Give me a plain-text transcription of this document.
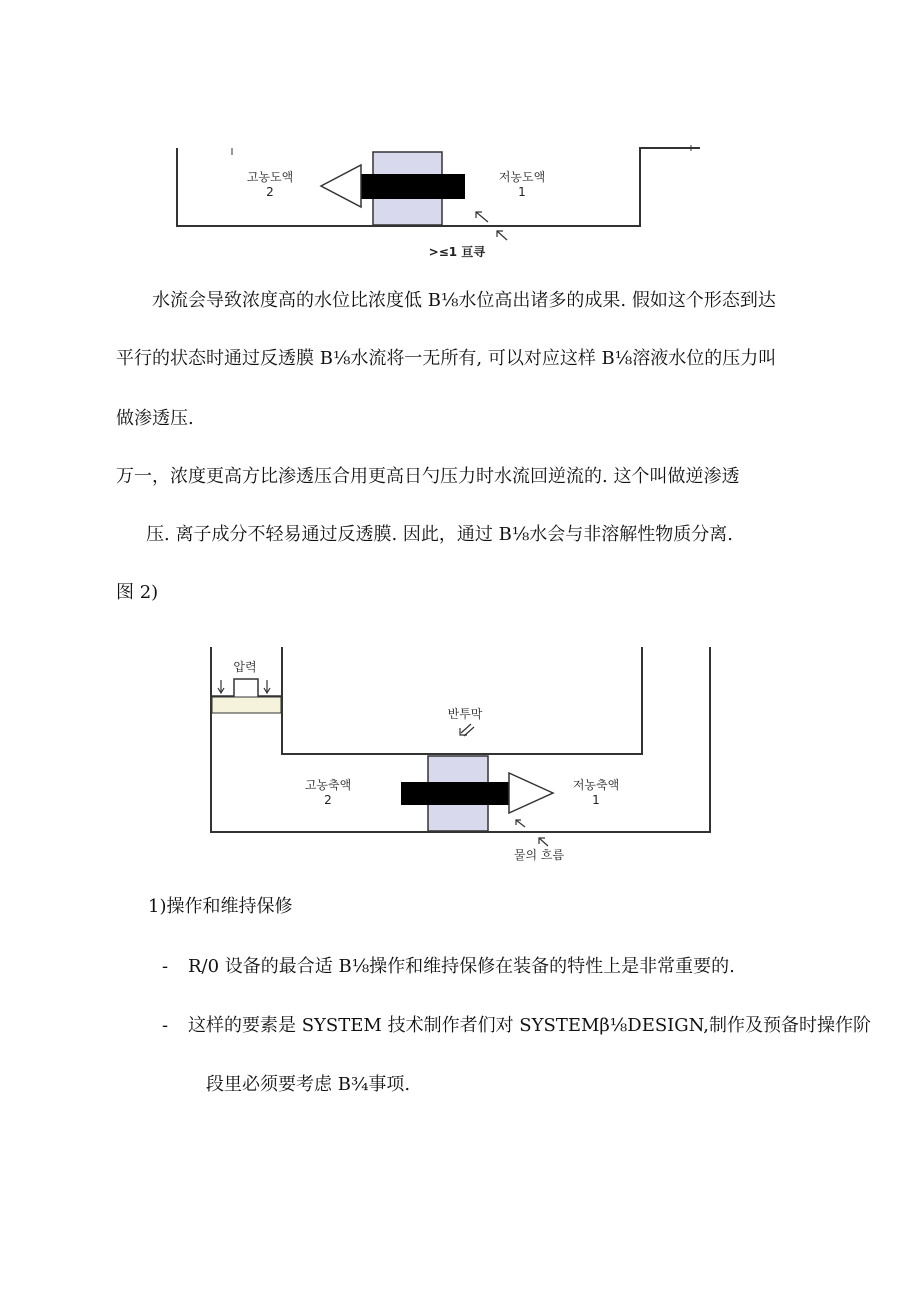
고농도액
2
저농도액
1
>≤1 亘寻
水流会导致浓度高的水位比浓度低 B⅛水位高出诸多的成果. 假如这个形态到达
平行的状态时通过反透膜 B⅛水流将一无所有, 可以对应这样 B⅛溶液水位的压力叫
做渗透压.
万一，浓度更高方比渗透压合用更高日勺压力时水流回逆流的. 这个叫做逆渗透
压. 离子成分不轻易通过反透膜. 因此，通过 B⅛水会与非溶解性物质分离.
图 2)
압력
반투막
고농축액
2
저농축액
1
물의 흐름
1)操作和维持保修
- R/0 设备的最合适 B⅛操作和维持保修在装备的特性上是非常重要的.
- 这样的要素是 SYSTEM 技术制作者们对 SYSTEMβ⅛DESIGN,制作及预备时操作阶
段里必须要考虑 B¾事项.
